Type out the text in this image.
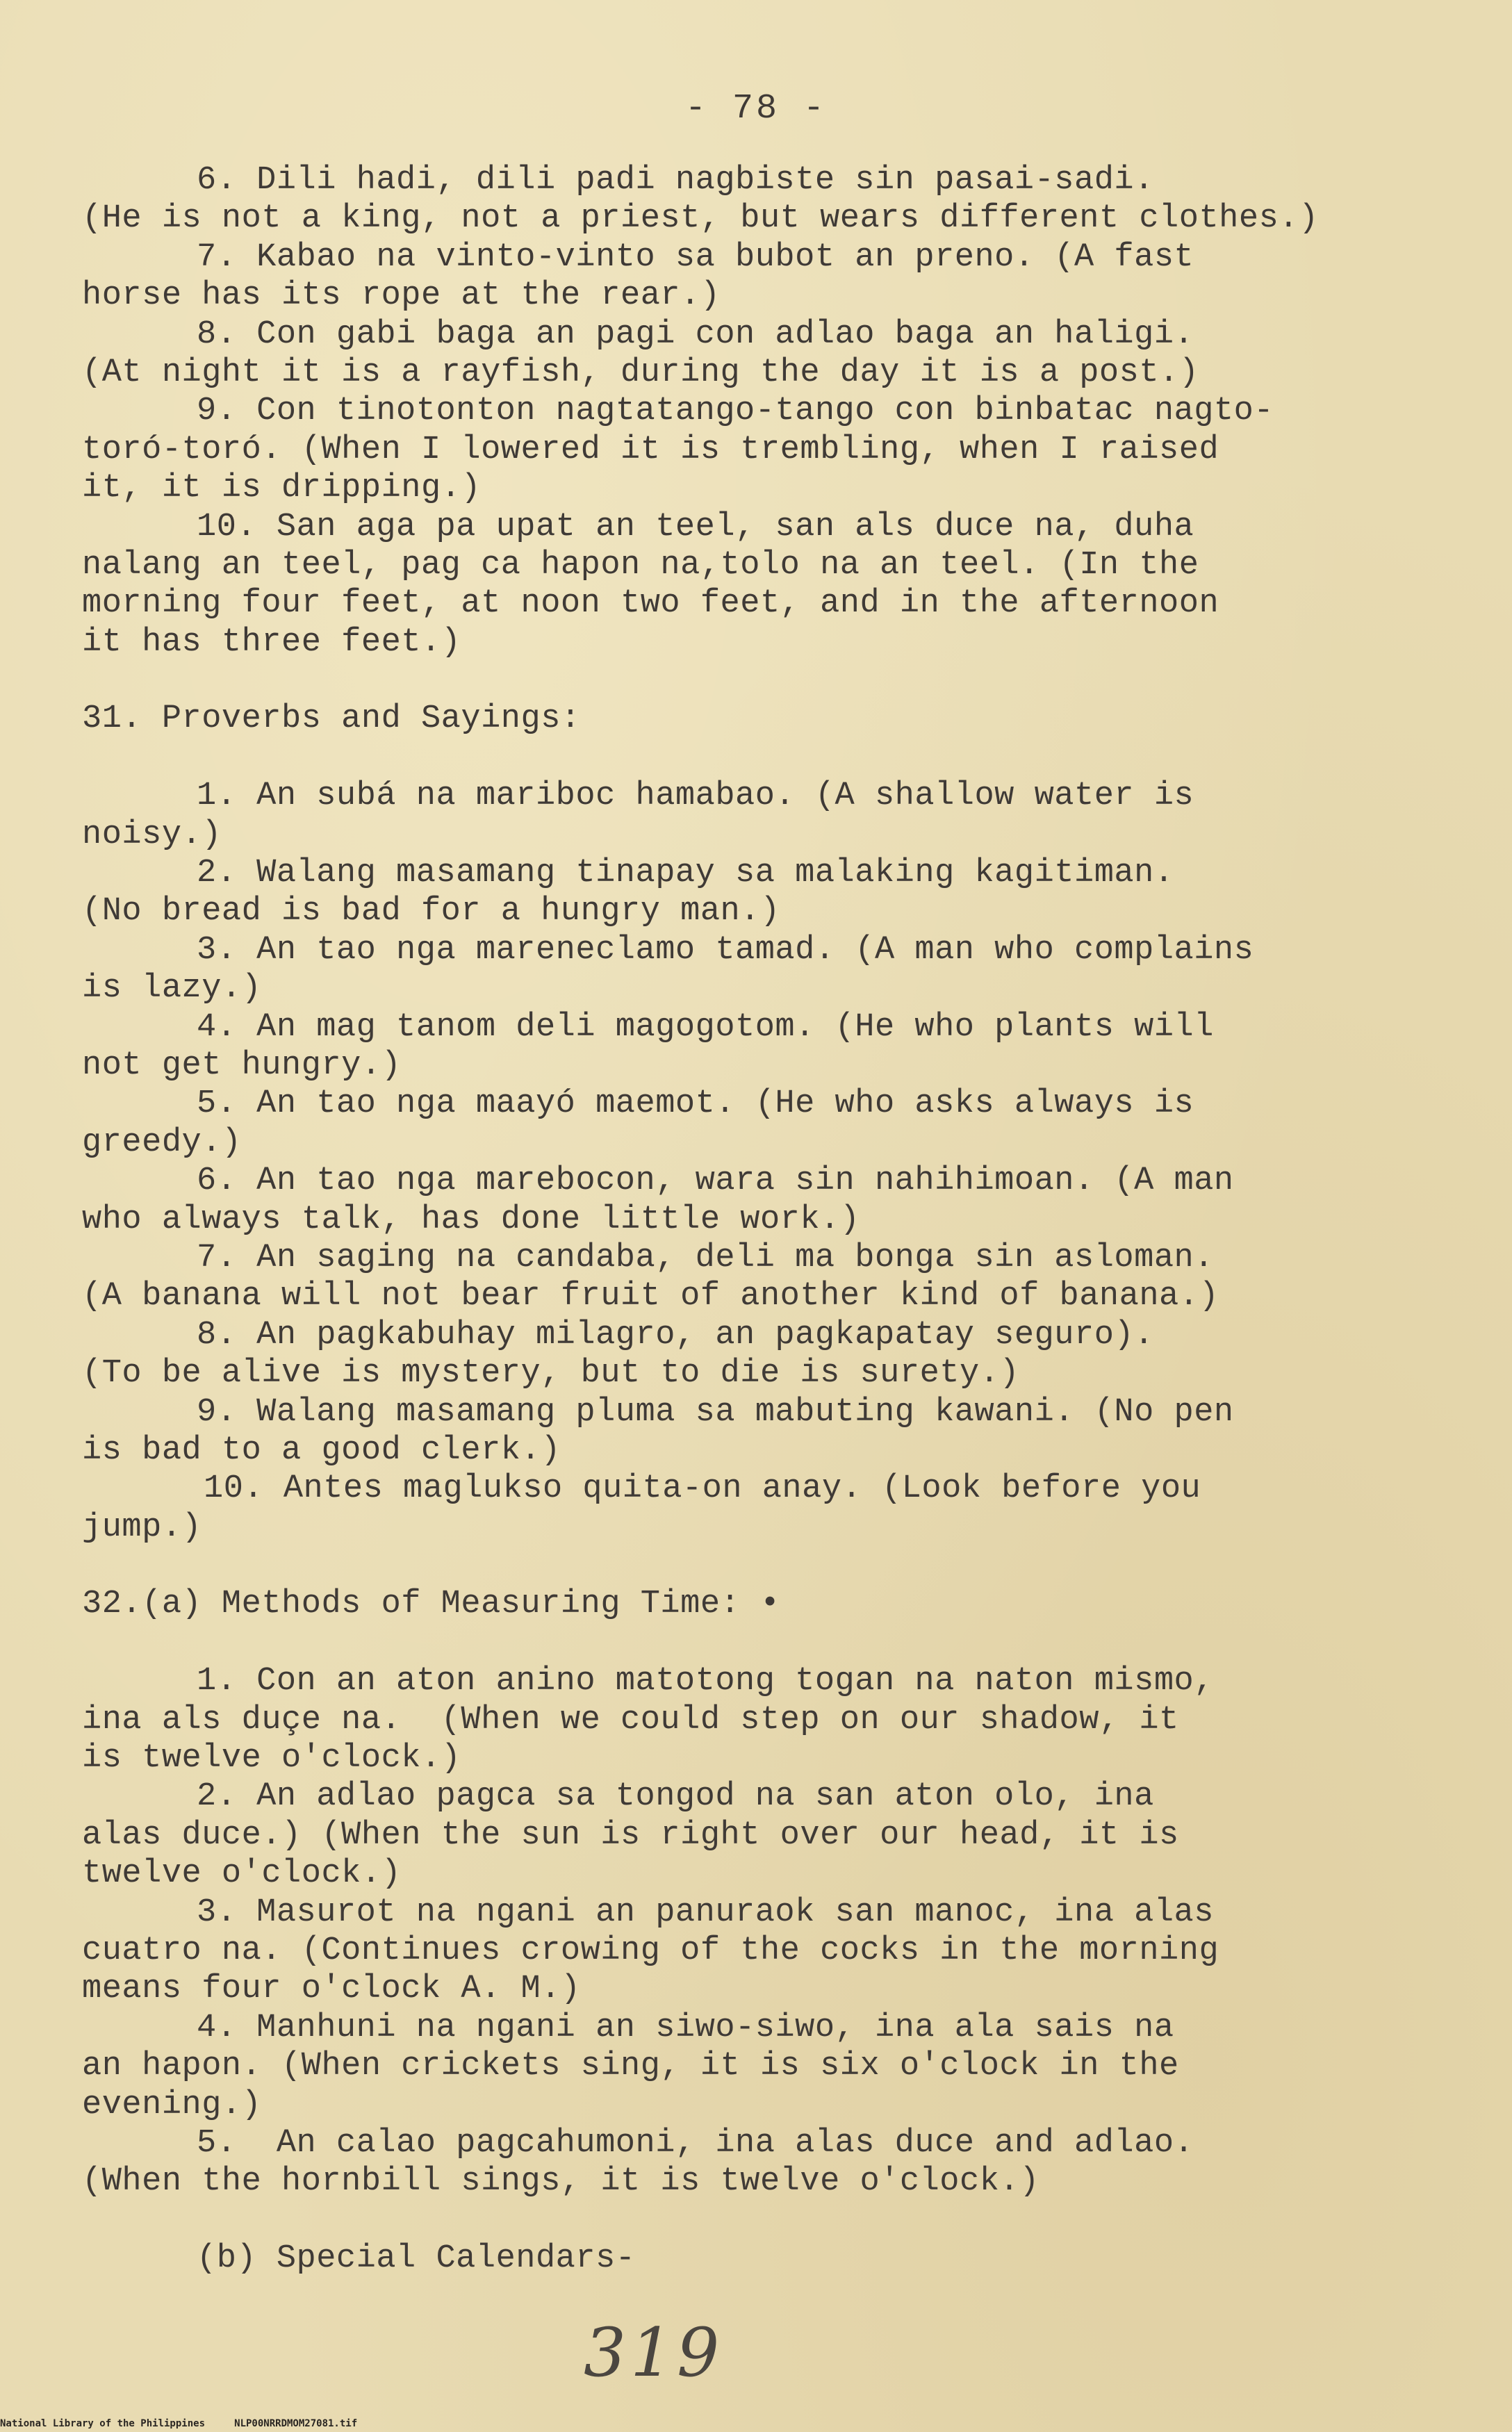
- 78 -
6. Dili hadi, dili padi nagbiste sin pasai-sadi.
(He is not a king, not a priest, but wears different clothes.)
7. Kabao na vinto-vinto sa bubot an preno. (A fast
horse has its rope at the rear.)
8. Con gabi baga an pagi con adlao baga an haligi.
(At night it is a rayfish, during the day it is a post.)
9. Con tinotonton nagtatango-tango con binbatac nagto-
toró-toró. (When I lowered it is trembling, when I raised
it, it is dripping.)
10. San aga pa upat an teel, san als duce na, duha
nalang an teel, pag ca hapon na,tolo na an teel. (In the
morning four feet, at noon two feet, and in the afternoon
it has three feet.)
31. Proverbs and Sayings:
1. An subá na mariboc hamabao. (A shallow water is
noisy.)
2. Walang masamang tinapay sa malaking kagitiman.
(No bread is bad for a hungry man.)
3. An tao nga mareneclamo tamad. (A man who complains
is lazy.)
4. An mag tanom deli magogotom. (He who plants will
not get hungry.)
5. An tao nga maayó maemot. (He who asks always is
greedy.)
6. An tao nga marebocon, wara sin nahihimoan. (A man
who always talk, has done little work.)
7. An saging na candaba, deli ma bonga sin asloman.
(A banana will not bear fruit of another kind of banana.)
8. An pagkabuhay milagro, an pagkapatay seguro).
(To be alive is mystery, but to die is surety.)
9. Walang masamang pluma sa mabuting kawani. (No pen
is bad to a good clerk.)
10. Antes maglukso quita-on anay. (Look before you
jump.)
32.(a) Methods of Measuring Time: •
1. Con an aton anino matotong togan na naton mismo,
ina als duçe na.  (When we could step on our shadow, it
is twelve o'clock.)
2. An adlao pagca sa tongod na san aton olo, ina
alas duce.) (When the sun is right over our head, it is
twelve o'clock.)
3. Masurot na ngani an panuraok san manoc, ina alas
cuatro na. (Continues crowing of the cocks in the morning
means four o'clock A. M.)
4. Manhuni na ngani an siwo-siwo, ina ala sais na
an hapon. (When crickets sing, it is six o'clock in the
evening.)
5.  An calao pagcahumoni, ina alas duce and adlao.
(When the hornbill sings, it is twelve o'clock.)
(b) Special Calendars-
319
National Library of the Philippines     NLP00NRRDMOM27081.tif
